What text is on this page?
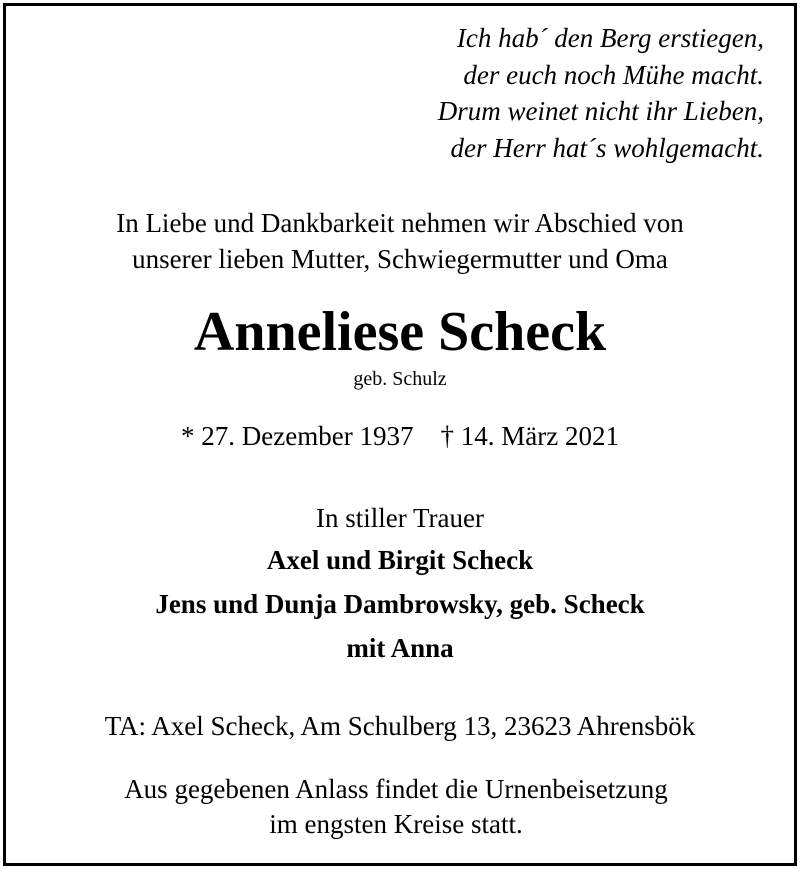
Ich hab´ den Berg erstiegen,
der euch noch Mühe macht.
Drum weinet nicht ihr Lieben,
der Herr hat´s wohlgemacht.
In Liebe und Dankbarkeit nehmen wir Abschied von
unserer lieben Mutter, Schwiegermutter und Oma
Anneliese Scheck
geb. Schulz
* 27. Dezember 1937 † 14. März 2021
In stiller Trauer
Axel und Birgit Scheck
Jens und Dunja Dambrowsky, geb. Scheck
mit Anna
TA: Axel Scheck, Am Schulberg 13, 23623 Ahrensbök
Aus gegebenen Anlass findet die Urnenbeisetzung
im engsten Kreise statt.
